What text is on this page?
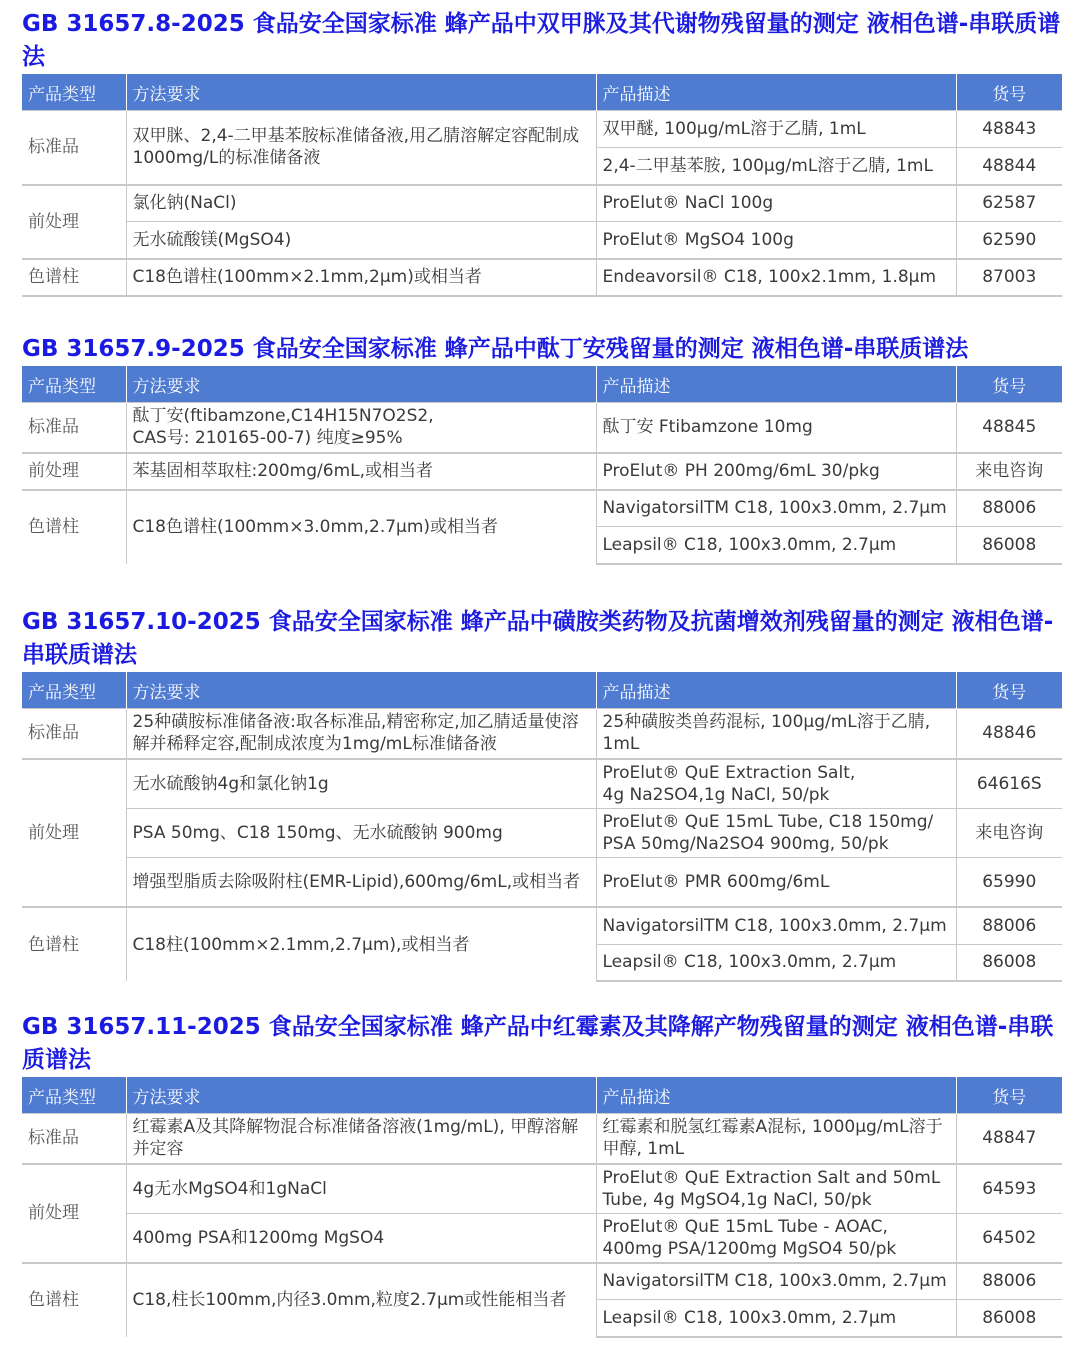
GB 31657.8-2025 食品安全国家标准 蜂产品中双甲脒及其代谢物残留量的测定 液相色谱-串联质谱法

产品类型	方法要求	产品描述	货号
标准品	双甲脒、2,4-二甲基苯胺标准储备液,用乙腈溶解定容配制成1000mg/L的标准储备液	双甲醚, 100µg/mL溶于乙腈, 1mL	48843
		2,4-二甲基苯胺, 100µg/mL溶于乙腈, 1mL	48844
前处理	氯化钠(NaCl)	ProElut® NaCl 100g	62587
	无水硫酸镁(MgSO4)	ProElut® MgSO4 100g	62590
色谱柱	C18色谱柱(100mm×2.1mm,2µm)或相当者	Endeavorsil® C18, 100x2.1mm, 1.8µm	87003

GB 31657.9-2025 食品安全国家标准 蜂产品中酞丁安残留量的测定 液相色谱-串联质谱法

产品类型	方法要求	产品描述	货号
标准品	酞丁安(ftibamzone,C14H15N7O2S2,
CAS号: 210165-00-7) 纯度≥95%	酞丁安 Ftibamzone 10mg	48845
前处理	苯基固相萃取柱:200mg/6mL,或相当者	ProElut® PH 200mg/6mL 30/pkg	来电咨询
色谱柱	C18色谱柱(100mm×3.0mm,2.7µm)或相当者	NavigatorsilTM C18, 100x3.0mm, 2.7µm	88006
		Leapsil® C18, 100x3.0mm, 2.7µm	86008

GB 31657.10-2025 食品安全国家标准 蜂产品中磺胺类药物及抗菌增效剂残留量的测定 液相色谱-串联质谱法

产品类型	方法要求	产品描述	货号
标准品	25种磺胺标准储备液:取各标准品,精密称定,加乙腈适量使溶解并稀释定容,配制成浓度为1mg/mL标准储备液	25种磺胺类兽药混标, 100µg/mL溶于乙腈, 1mL	48846
前处理	无水硫酸钠4g和氯化钠1g	ProElut® QuE Extraction Salt,
4g Na2SO4,1g NaCl, 50/pk	64616S
	PSA 50mg、C18 150mg、无水硫酸钠 900mg	ProElut® QuE 15mL Tube, C18 150mg/
PSA 50mg/Na2SO4 900mg, 50/pk	来电咨询
	增强型脂质去除吸附柱(EMR-Lipid),600mg/6mL,或相当者	ProElut® PMR 600mg/6mL	65990
色谱柱	C18柱(100mm×2.1mm,2.7µm),或相当者	NavigatorsilTM C18, 100x3.0mm, 2.7µm	88006
		Leapsil® C18, 100x3.0mm, 2.7µm	86008

GB 31657.11-2025 食品安全国家标准 蜂产品中红霉素及其降解产物残留量的测定 液相色谱-串联质谱法

产品类型	方法要求	产品描述	货号
标准品	红霉素A及其降解物混合标准储备溶液(1mg/mL), 甲醇溶解并定容	红霉素和脱氢红霉素A混标, 1000µg/mL溶于甲醇, 1mL	48847
前处理	4g无水MgSO4和1gNaCl	ProElut® QuE Extraction Salt and 50mL
Tube, 4g MgSO4,1g NaCl, 50/pk	64593
	400mg PSA和1200mg MgSO4	ProElut® QuE 15mL Tube - AOAC,
400mg PSA/1200mg MgSO4 50/pk	64502
色谱柱	C18,柱长100mm,内径3.0mm,粒度2.7µm或性能相当者	NavigatorsilTM C18, 100x3.0mm, 2.7µm	88006
		Leapsil® C18, 100x3.0mm, 2.7µm	86008
